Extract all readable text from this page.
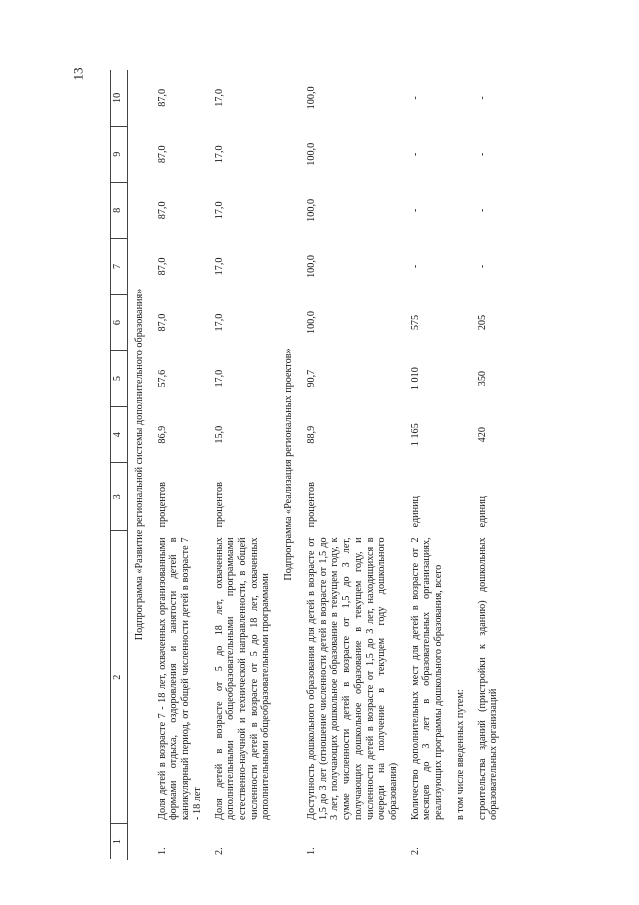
13
1	2	3	4	5	6	7	8	9	10
Подпрограмма «Развитие региональной системы дополнительного образования»									
1.	Доля детей в возрасте 7 - 18 лет, охваченных организованными формами отдыха, оздоровления и занятости детей в каникулярный период, от общей численности детей в возрасте 7 - 18 лет	процентов	86,9	57,6	87,0	87,0	87,0	87,0	87,0
2.	Доля детей в возрасте от 5 до 18 лет, охваченных дополнительными общеобразовательными программами естественно-научной и технической направленности, в общей численности детей в возрасте от 5 до 18 лет, охваченных дополнительными общеобразовательными программами	процентов	15,0	17,0	17,0	17,0	17,0	17,0	17,0
Подпрограмма «Реализация региональных проектов»									
1.	Доступность дошкольного образования для детей в возрасте от 1,5 до 3 лет (отношение численности детей в возрасте от 1,5 до 3 лет, получающих дошкольное образование в текущем году, к сумме численности детей в возрасте от 1,5 до 3 лет, получающих дошкольное образование в текущем году, и численности детей в возрасте от 1,5 до 3 лет, находящихся в очереди на получение в текущем году дошкольного образования)	процентов	88,9	90,7	100,0	100,0	100,0	100,0	100,0
2.	Количество дополнительных мест для детей в возрасте от 2 месяцев до 3 лет в образовательных организациях, реализующих программы дошкольного образования, всего	единиц	1 165	1 010	575	-	-	-	-
	в том числе введенных путем:								
	строительства зданий (пристройки к зданию) дошкольных образовательных организаций	единиц	420	350	205	-	-	-	-
